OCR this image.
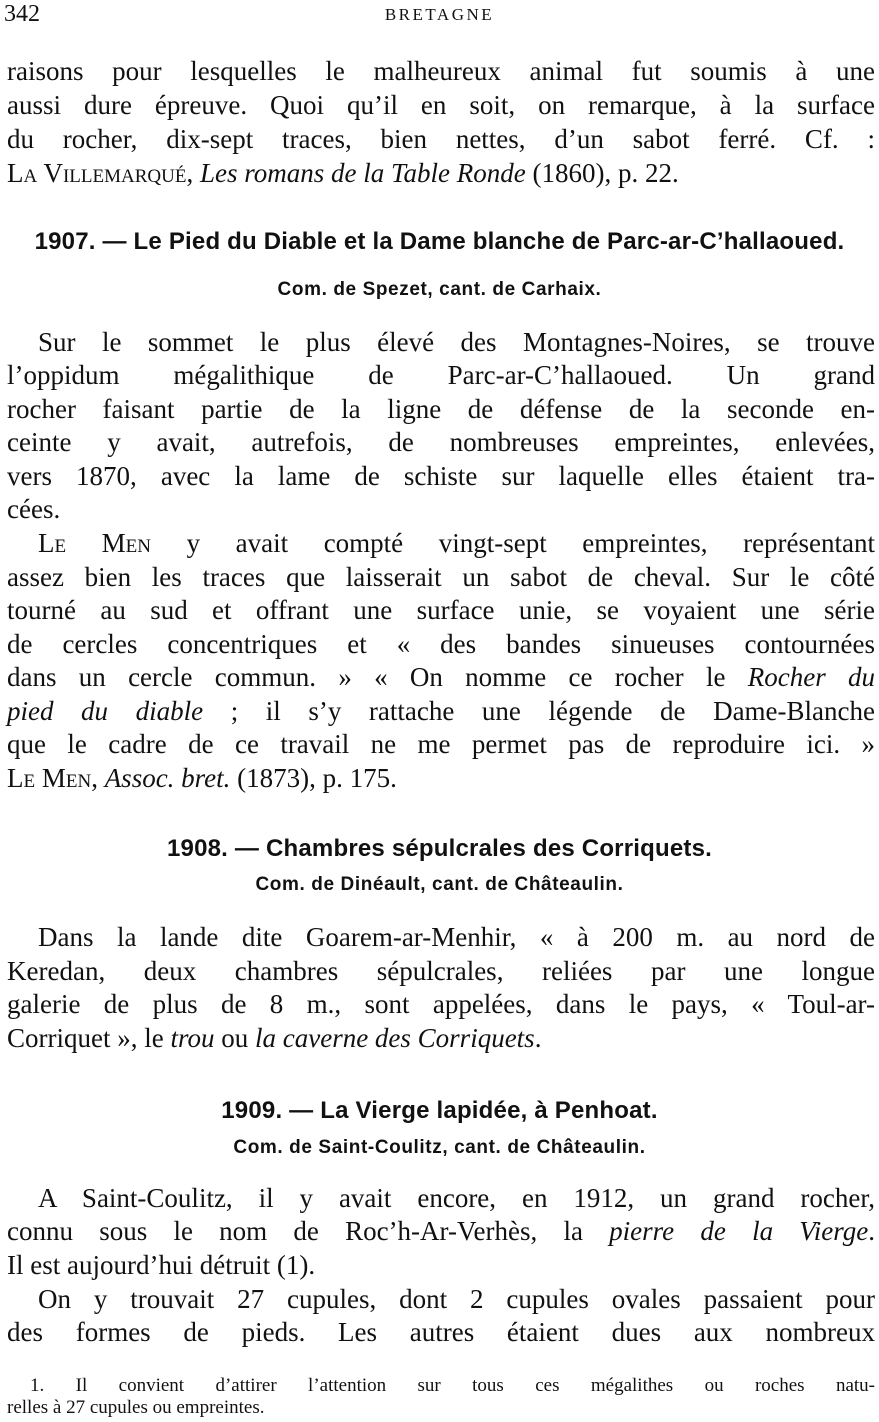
342	BRETAGNE
raisons pour lesquelles le malheureux animal fut soumis à une
aussi dure épreuve. Quoi qu’il en soit, on remarque, à la surface
du rocher, dix-sept traces, bien nettes, d’un sabot ferré. Cf. :
La Villemarqué, Les romans de la Table Ronde (1860), p. 22.
1907. — Le Pied du Diable et la Dame blanche de Parc-ar-C’hallaoued.
Com. de Spezet, cant. de Carhaix.
Sur le sommet le plus élevé des Montagnes-Noires, se trouve
l’oppidum mégalithique de Parc-ar-C’hallaoued. Un grand
rocher faisant partie de la ligne de défense de la seconde en-
ceinte y avait, autrefois, de nombreuses empreintes, enlevées,
vers 1870, avec la lame de schiste sur laquelle elles étaient tra-
cées.
Le Men y avait compté vingt-sept empreintes, représentant
assez bien les traces que laisserait un sabot de cheval. Sur le côté
tourné au sud et offrant une surface unie, se voyaient une série
de cercles concentriques et « des bandes sinueuses contournées
dans un cercle commun. » « On nomme ce rocher le Rocher du
pied du diable ; il s’y rattache une légende de Dame-Blanche
que le cadre de ce travail ne me permet pas de reproduire ici. »
Le Men, Assoc. bret. (1873), p. 175.
1908. — Chambres sépulcrales des Corriquets.
Com. de Dinéault, cant. de Châteaulin.
Dans la lande dite Goarem-ar-Menhir, « à 200 m. au nord de
Keredan, deux chambres sépulcrales, reliées par une longue
galerie de plus de 8 m., sont appelées, dans le pays, « Toul-ar-
Corriquet », le trou ou la caverne des Corriquets.
1909. — La Vierge lapidée, à Penhoat.
Com. de Saint-Coulitz, cant. de Châteaulin.
A Saint-Coulitz, il y avait encore, en 1912, un grand rocher,
connu sous le nom de Roc’h-Ar-Verhès, la pierre de la Vierge.
Il est aujourd’hui détruit (1).
On y trouvait 27 cupules, dont 2 cupules ovales passaient pour
des formes de pieds. Les autres étaient dues aux nombreux
1. Il convient d’attirer l’attention sur tous ces mégalithes ou roches natu-
relles à 27 cupules ou empreintes.
